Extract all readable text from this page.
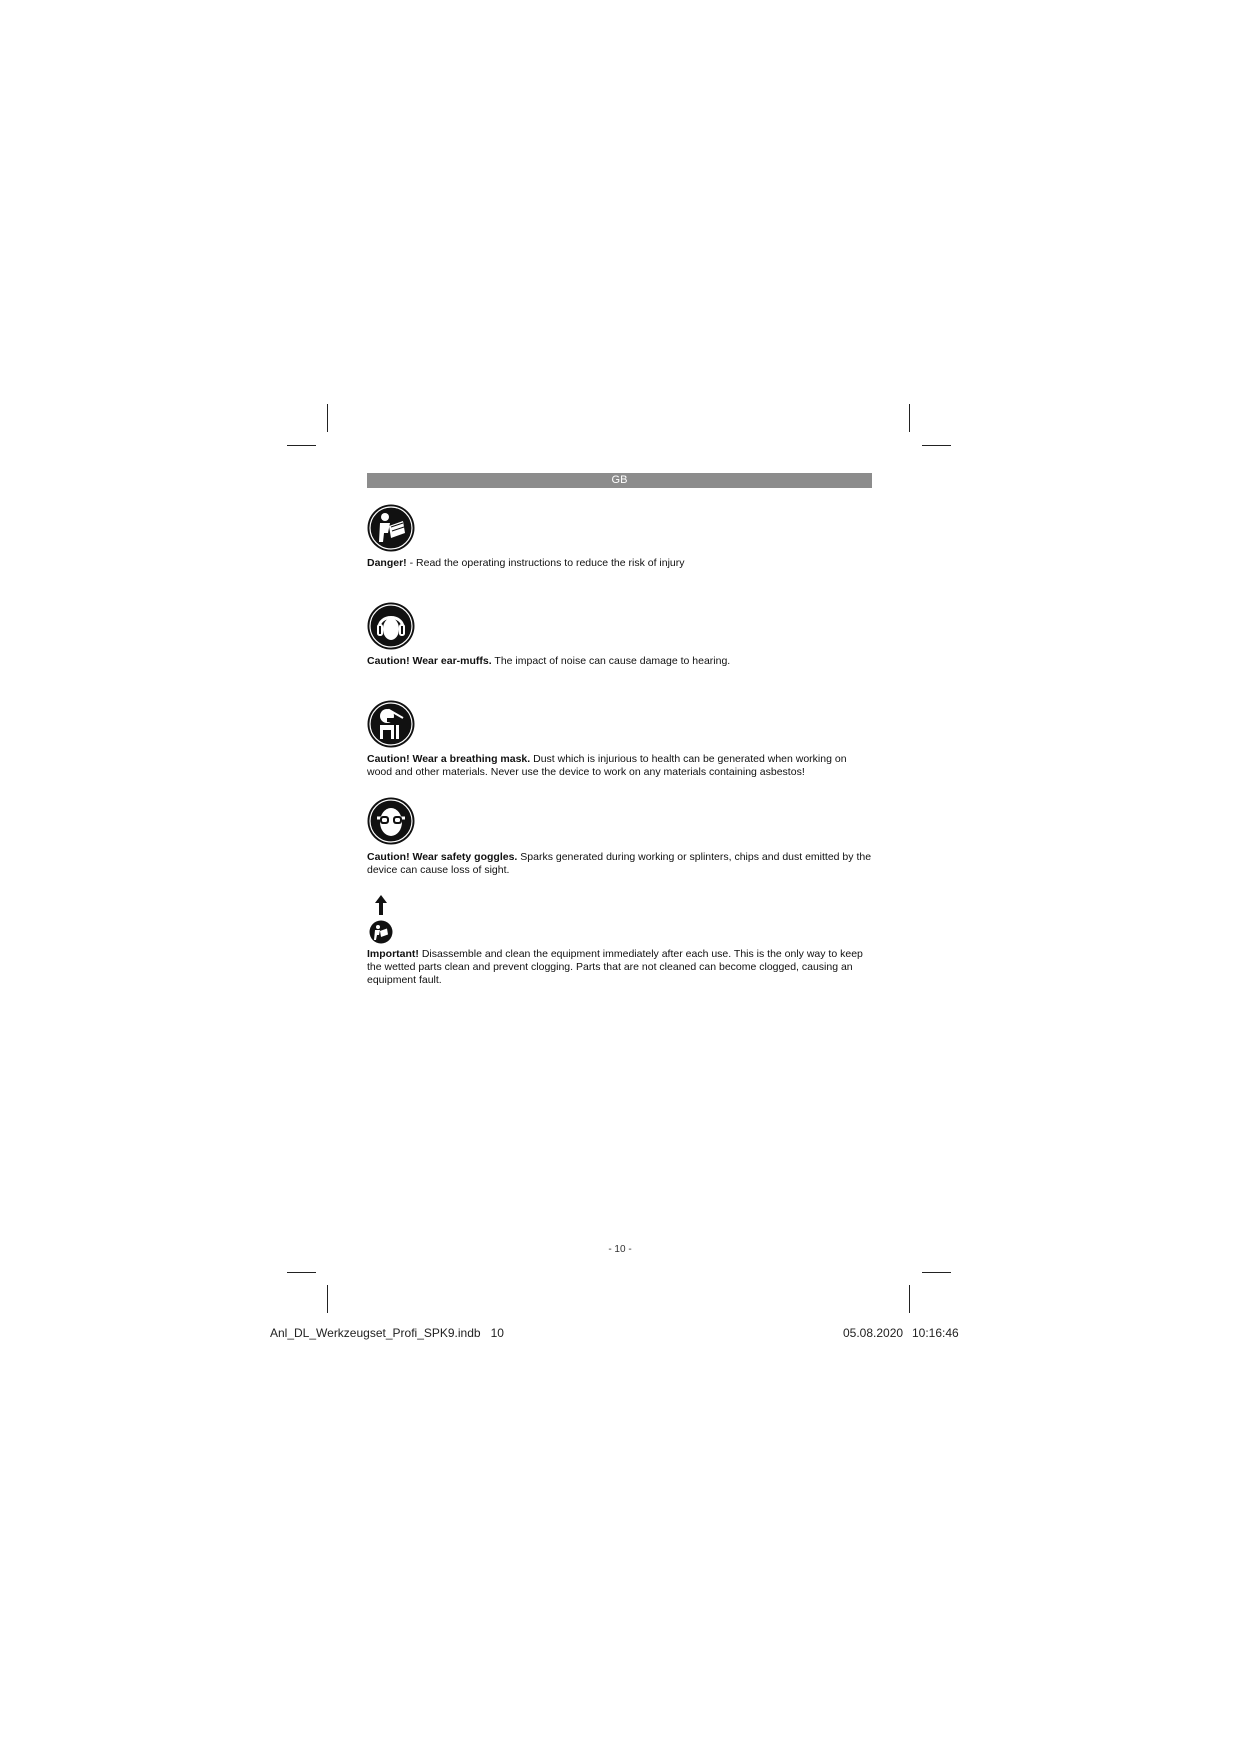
GB
Danger! - Read the operating instructions to reduce the risk of injury
Caution! Wear ear-muffs. The impact of noise can cause damage to hearing.
Caution! Wear a breathing mask. Dust which is injurious to health can be generated when working on wood and other materials. Never use the device to work on any materials containing asbestos!
Caution! Wear safety goggles. Sparks generated during working or splinters, chips and dust emitted by the device can cause loss of sight.
Important! Disassemble and clean the equipment immediately after each use. This is the only way to keep the wetted parts clean and prevent clogging. Parts that are not cleaned can become clogged, causing an equipment fault.
- 10 -
Anl_DL_Werkzeugset_Profi_SPK9.indb   10	05.08.2020 10:16:46
